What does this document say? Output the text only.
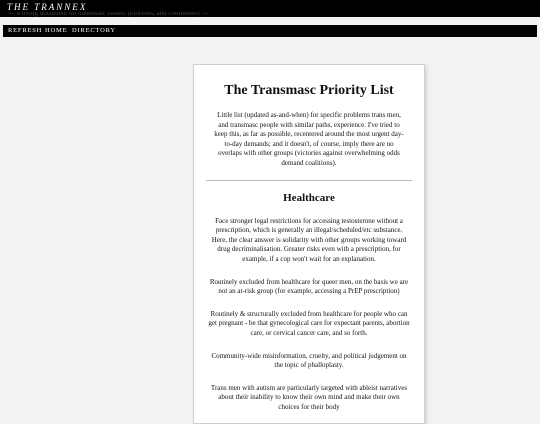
THE TRANNEX
— a living document on transmasc issues, priorities, and community —
REFRESH HOME DIRECTORY
The Transmasc Priority List
Little list (updated as-and-when) for specific problems trans men, and transmasc people with similar paths, experience. I've tried to keep this, as far as possible, recentered around the most urgent day-to-day demands; and it doesn't, of course, imply there are no overlaps with other groups (victories against overwhelming odds demand coalitions).
Healthcare
Face stronger legal restrictions for accessing testosterone without a prescription, which is generally an illegal/scheduled/etc substance. Here, the clear answer is solidarity with other groups working toward drug decriminalisation. Greater risks even with a prescription, for example, if a cop won't wait for an explanation.
Routinely excluded from healthcare for queer men, on the basis we are not an at-risk group (for example, accessing a PrEP prescription)
Routinely & structurally excluded from healthcare for people who can get pregnant - be that gynecological care for expectant parents, abortion care, or cervical cancer care, and so forth.
Community-wide misinformation, cruelty, and political judgement on the topic of phalloplasty.
Trans men with autism are particularly targeted with ableist narratives about their inability to know their own mind and make their own choices for their body
